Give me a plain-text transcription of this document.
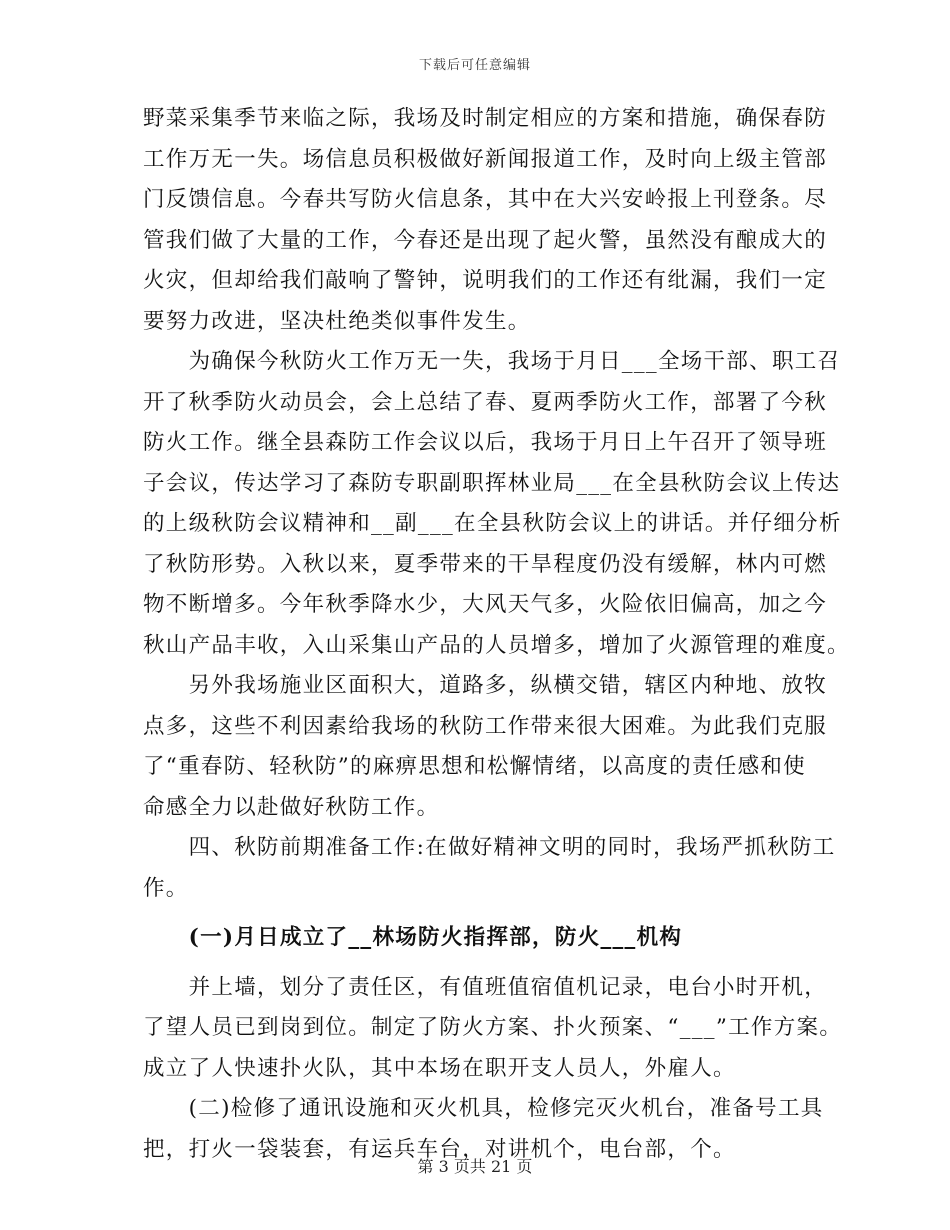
下载后可任意编辑
野菜采集季节来临之际，我场及时制定相应的方案和措施，确保春防
工作万无一失。场信息员积极做好新闻报道工作，及时向上级主管部
门反馈信息。今春共写防火信息条，其中在大兴安岭报上刊登条。尽
管我们做了大量的工作，今春还是出现了起火警，虽然没有酿成大的
火灾，但却给我们敲响了警钟，说明我们的工作还有纰漏，我们一定
要努力改进，坚决杜绝类似事件发生。
　　为确保今秋防火工作万无一失，我场于月日___全场干部、职工召
开了秋季防火动员会，会上总结了春、夏两季防火工作，部署了今秋
防火工作。继全县森防工作会议以后，我场于月日上午召开了领导班
子会议，传达学习了森防专职副职挥林业局___在全县秋防会议上传达
的上级秋防会议精神和__副___在全县秋防会议上的讲话。并仔细分析
了秋防形势。入秋以来，夏季带来的干旱程度仍没有缓解，林内可燃
物不断增多。今年秋季降水少，大风天气多，火险依旧偏高，加之今
秋山产品丰收，入山采集山产品的人员增多，增加了火源管理的难度。
　　另外我场施业区面积大，道路多，纵横交错，辖区内种地、放牧
点多，这些不利因素给我场的秋防工作带来很大困难。为此我们克服
了“重春防、轻秋防”的麻痹思想和松懈情绪，以高度的责任感和使
命感全力以赴做好秋防工作。
　　四、秋防前期准备工作:在做好精神文明的同时，我场严抓秋防工
作。
　　(一)月日成立了__林场防火指挥部，防火___机构
　　并上墙，划分了责任区，有值班值宿值机记录，电台小时开机，
了望人员已到岗到位。制定了防火方案、扑火预案、“___”工作方案。
成立了人快速扑火队，其中本场在职开支人员人，外雇人。
　　(二)检修了通讯设施和灭火机具，检修完灭火机台，准备号工具
把，打火一袋装套，有运兵车台，对讲机个，电台部，个。
第 3 页共 21 页
